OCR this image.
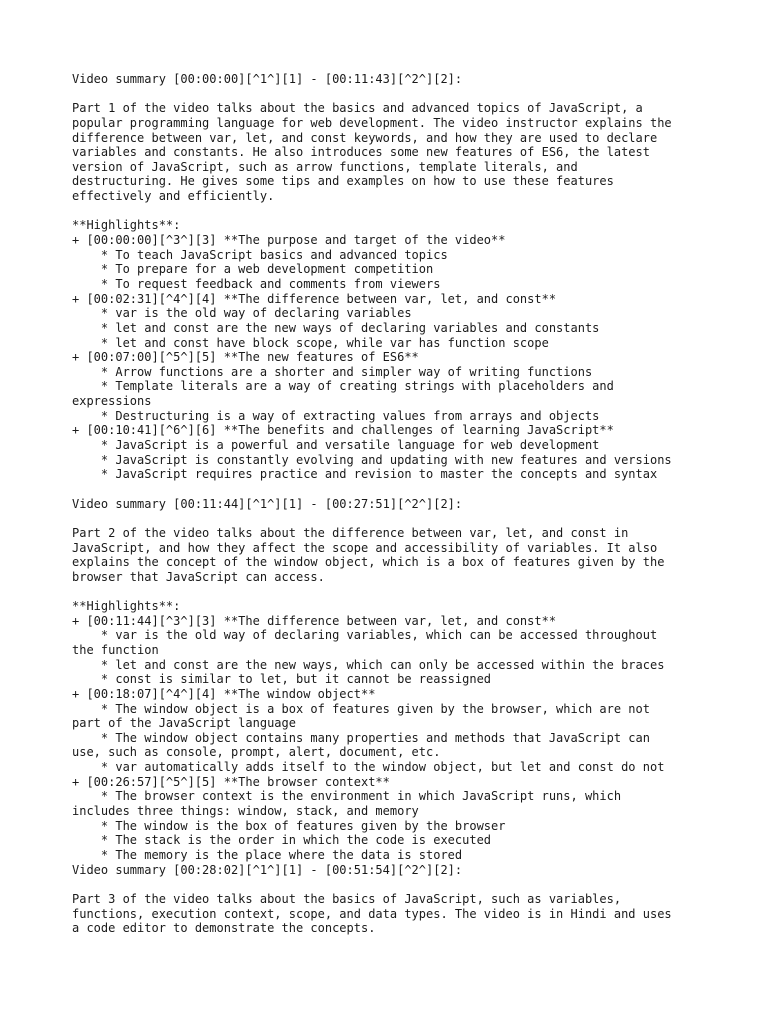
Video summary [00:00:00][^1^][1] - [00:11:43][^2^][2]:
Part 1 of the video talks about the basics and advanced topics of JavaScript, a
popular programming language for web development. The video instructor explains the
difference between var, let, and const keywords, and how they are used to declare
variables and constants. He also introduces some new features of ES6, the latest
version of JavaScript, such as arrow functions, template literals, and
destructuring. He gives some tips and examples on how to use these features
effectively and efficiently.
**Highlights**:
+ [00:00:00][^3^][3] **The purpose and target of the video**
* To teach JavaScript basics and advanced topics
* To prepare for a web development competition
* To request feedback and comments from viewers
+ [00:02:31][^4^][4] **The difference between var, let, and const**
* var is the old way of declaring variables
* let and const are the new ways of declaring variables and constants
* let and const have block scope, while var has function scope
+ [00:07:00][^5^][5] **The new features of ES6**
* Arrow functions are a shorter and simpler way of writing functions
* Template literals are a way of creating strings with placeholders and
expressions
* Destructuring is a way of extracting values from arrays and objects
+ [00:10:41][^6^][6] **The benefits and challenges of learning JavaScript**
* JavaScript is a powerful and versatile language for web development
* JavaScript is constantly evolving and updating with new features and versions
* JavaScript requires practice and revision to master the concepts and syntax
Video summary [00:11:44][^1^][1] - [00:27:51][^2^][2]:
Part 2 of the video talks about the difference between var, let, and const in
JavaScript, and how they affect the scope and accessibility of variables. It also
explains the concept of the window object, which is a box of features given by the
browser that JavaScript can access.
**Highlights**:
+ [00:11:44][^3^][3] **The difference between var, let, and const**
* var is the old way of declaring variables, which can be accessed throughout
the function
* let and const are the new ways, which can only be accessed within the braces
* const is similar to let, but it cannot be reassigned
+ [00:18:07][^4^][4] **The window object**
* The window object is a box of features given by the browser, which are not
part of the JavaScript language
* The window object contains many properties and methods that JavaScript can
use, such as console, prompt, alert, document, etc.
* var automatically adds itself to the window object, but let and const do not
+ [00:26:57][^5^][5] **The browser context**
* The browser context is the environment in which JavaScript runs, which
includes three things: window, stack, and memory
* The window is the box of features given by the browser
* The stack is the order in which the code is executed
* The memory is the place where the data is stored
Video summary [00:28:02][^1^][1] - [00:51:54][^2^][2]:
Part 3 of the video talks about the basics of JavaScript, such as variables,
functions, execution context, scope, and data types. The video is in Hindi and uses
a code editor to demonstrate the concepts.
